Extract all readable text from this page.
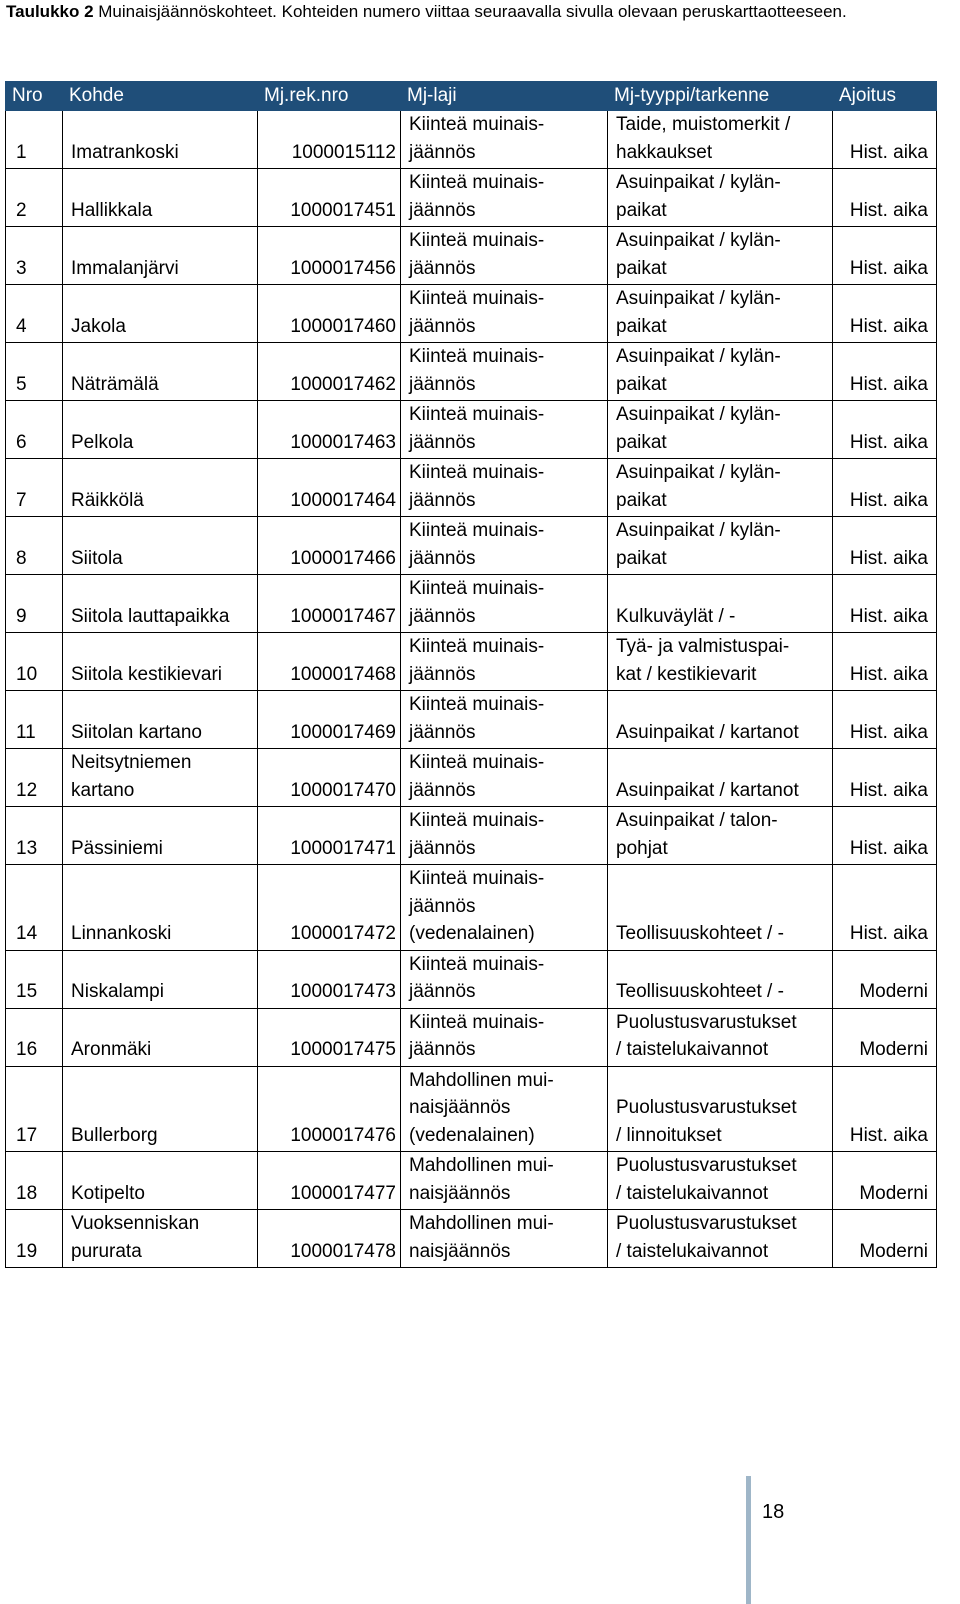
Taulukko 2 Muinaisjäännöskohteet. Kohteiden numero viittaa seuraavalla sivulla olevaan peruskarttaotteeseen.
Nro	Kohde	Mj.rek.nro	Mj-laji	Mj-tyyppi/tarkenne	Ajoitus

1	Imatrankoski	1000015112	Kiinteä muinais-
jäännös	Taide, muistomerkit /
hakkaukset	Hist. aika

2	Hallikkala	1000017451	Kiinteä muinais-
jäännös	Asuinpaikat / kylän-
paikat	Hist. aika

3	Immalanjärvi	1000017456	Kiinteä muinais-
jäännös	Asuinpaikat / kylän-
paikat	Hist. aika

4	Jakola	1000017460	Kiinteä muinais-
jäännös	Asuinpaikat / kylän-
paikat	Hist. aika

5	Näträmälä	1000017462	Kiinteä muinais-
jäännös	Asuinpaikat / kylän-
paikat	Hist. aika

6	Pelkola	1000017463	Kiinteä muinais-
jäännös	Asuinpaikat / kylän-
paikat	Hist. aika

7	Räikkölä	1000017464	Kiinteä muinais-
jäännös	Asuinpaikat / kylän-
paikat	Hist. aika

8	Siitola	1000017466	Kiinteä muinais-
jäännös	Asuinpaikat / kylän-
paikat	Hist. aika

9	Siitola lauttapaikka	1000017467	Kiinteä muinais-
jäännös	Kulkuväylät / -	Hist. aika

10	Siitola kestikievari	1000017468	Kiinteä muinais-
jäännös	Tyä- ja valmistuspai-
kat / kestikievarit	Hist. aika

11	Siitolan kartano	1000017469	Kiinteä muinais-
jäännös	Asuinpaikat / kartanot	Hist. aika

12	Neitsytniemen
kartano	1000017470	Kiinteä muinais-
jäännös	Asuinpaikat / kartanot	Hist. aika

13	Pässiniemi	1000017471	Kiinteä muinais-
jäännös	Asuinpaikat / talon-
pohjat	Hist. aika

14	Linnankoski	1000017472	Kiinteä muinais-
jäännös
(vedenalainen)	Teollisuuskohteet / -	Hist. aika

15	Niskalampi	1000017473	Kiinteä muinais-
jäännös	Teollisuuskohteet / -	Moderni

16	Aronmäki	1000017475	Kiinteä muinais-
jäännös	Puolustusvarustukset
/ taistelukaivannot	Moderni

17	Bullerborg	1000017476	Mahdollinen mui-
naisjäännös
(vedenalainen)	Puolustusvarustukset
/ linnoitukset	Hist. aika

18	Kotipelto	1000017477	Mahdollinen mui-
naisjäännös	Puolustusvarustukset
/ taistelukaivannot	Moderni

19	Vuoksenniskan
pururata	1000017478	Mahdollinen mui-
naisjäännös	Puolustusvarustukset
/ taistelukaivannot	Moderni
18
